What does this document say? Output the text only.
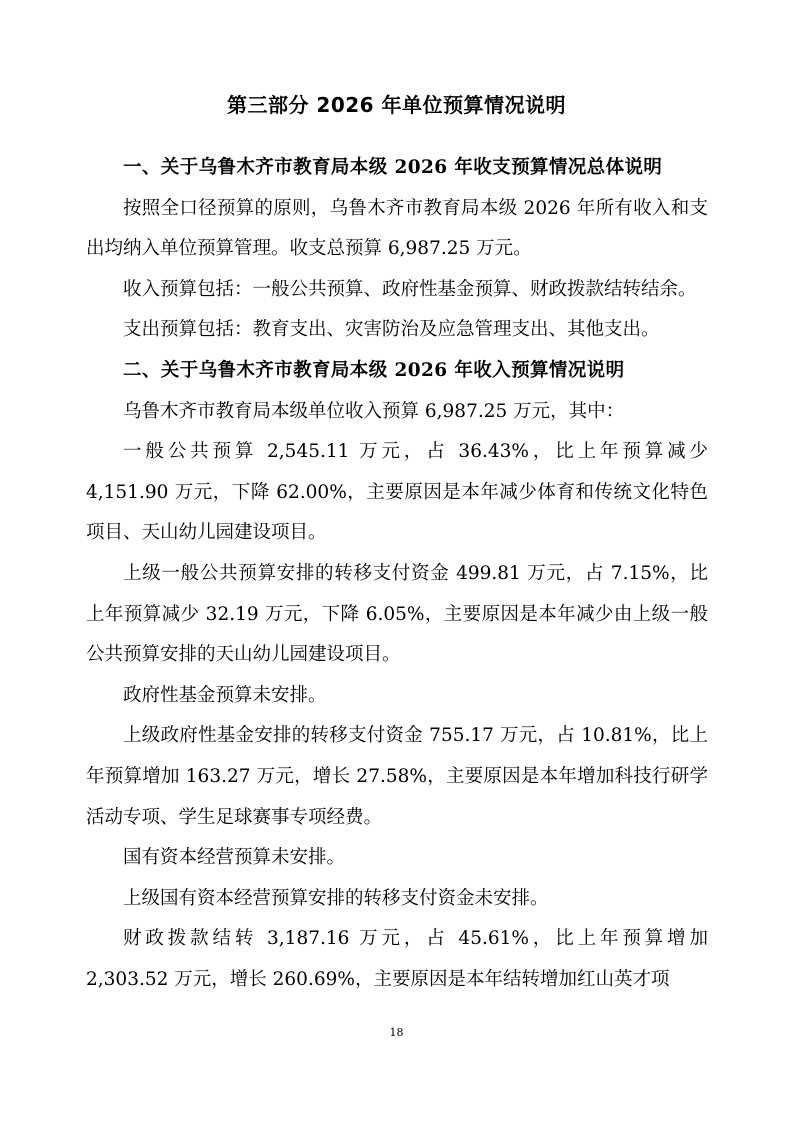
第三部分 2026 年单位预算情况说明

一、关于乌鲁木齐市教育局本级 2026 年收支预算情况总体说明

按照全口径预算的原则，乌鲁木齐市教育局本级 2026 年所有收入和支出均纳入单位预算管理。收支总预算 6,987.25 万元。

收入预算包括：一般公共预算、政府性基金预算、财政拨款结转结余。

支出预算包括：教育支出、灾害防治及应急管理支出、其他支出。

二、关于乌鲁木齐市教育局本级 2026 年收入预算情况说明

乌鲁木齐市教育局本级单位收入预算 6,987.25 万元，其中：

一般公共预算 2,545.11 万元，占 36.43%，比上年预算减少 4,151.90 万元，下降 62.00%，主要原因是本年减少体育和传统文化特色项目、天山幼儿园建设项目。

上级一般公共预算安排的转移支付资金 499.81 万元，占 7.15%，比上年预算减少 32.19 万元，下降 6.05%，主要原因是本年减少由上级一般公共预算安排的天山幼儿园建设项目。

政府性基金预算未安排。

上级政府性基金安排的转移支付资金 755.17 万元，占 10.81%，比上年预算增加 163.27 万元，增长 27.58%，主要原因是本年增加科技行研学活动专项、学生足球赛事专项经费。

国有资本经营预算未安排。

上级国有资本经营预算安排的转移支付资金未安排。

财政拨款结转 3,187.16 万元，占 45.61%，比上年预算增加 2,303.52 万元，增长 260.69%，主要原因是本年结转增加红山英才项

18
